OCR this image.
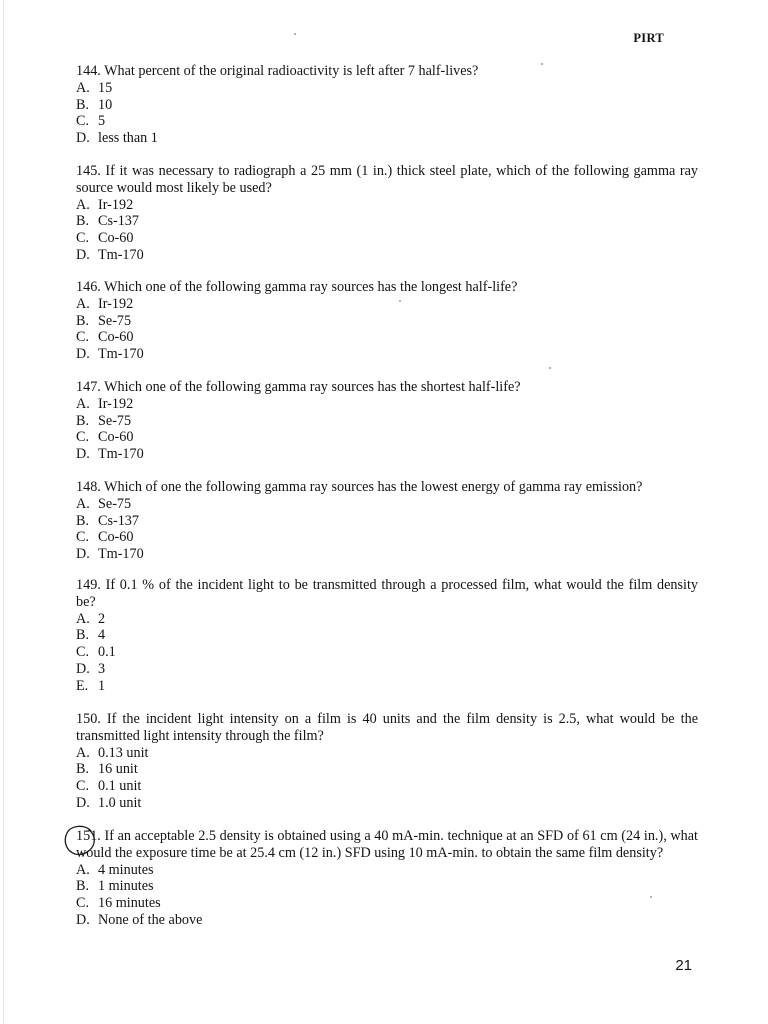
PIRT
144. What percent of the original radioactivity is left after 7 half-lives?
A. 15
B. 10
C. 5
D. less than 1
145. If it was necessary to radiograph a 25 mm (1 in.) thick steel plate, which of the following gamma ray source would most likely be used?
A. Ir-192
B. Cs-137
C. Co-60
D. Tm-170
146. Which one of the following gamma ray sources has the longest half-life?
A. Ir-192
B. Se-75
C. Co-60
D. Tm-170
147. Which one of the following gamma ray sources has the shortest half-life?
A. Ir-192
B. Se-75
C. Co-60
D. Tm-170
148. Which of one the following gamma ray sources has the lowest energy of gamma ray emission?
A. Se-75
B. Cs-137
C. Co-60
D. Tm-170
149. If 0.1 % of the incident light to be transmitted through a processed film, what would the film density be?
A. 2
B. 4
C. 0.1
D. 3
E. 1
150. If the incident light intensity on a film is 40 units and the film density is 2.5, what would be the transmitted light intensity through the film?
A. 0.13 unit
B. 16 unit
C. 0.1 unit
D. 1.0 unit
151. If an acceptable 2.5 density is obtained using a 40 mA-min. technique at an SFD of 61 cm (24 in.), what would the exposure time be at 25.4 cm (12 in.) SFD using 10 mA-min. to obtain the same film density?
A. 4 minutes
B. 1 minutes
C. 16 minutes
D. None of the above
21
